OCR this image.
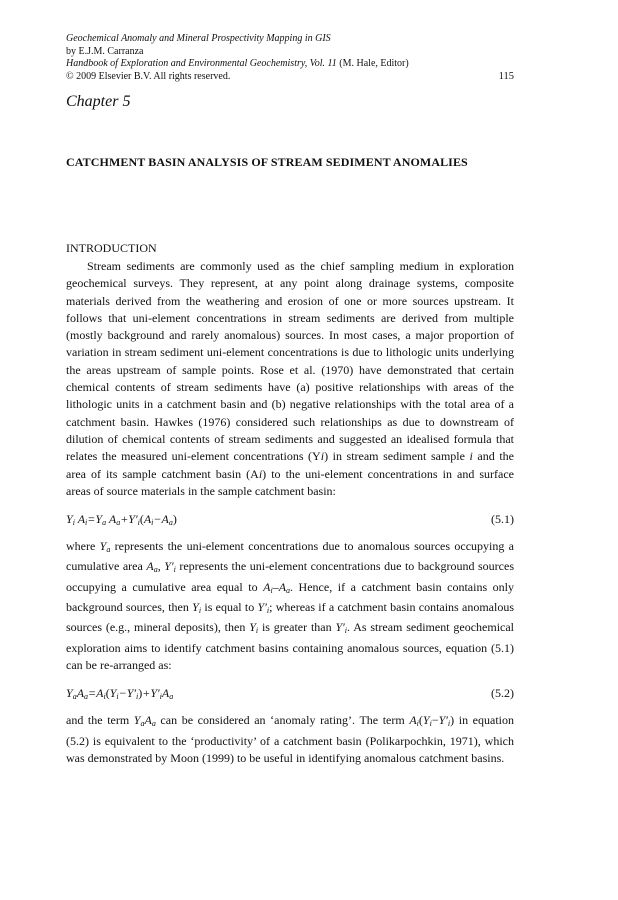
Geochemical Anomaly and Mineral Prospectivity Mapping in GIS
by E.J.M. Carranza
Handbook of Exploration and Environmental Geochemistry, Vol. 11 (M. Hale, Editor)
© 2009 Elsevier B.V. All rights reserved.	115
Chapter 5
CATCHMENT BASIN ANALYSIS OF STREAM SEDIMENT ANOMALIES
INTRODUCTION

Stream sediments are commonly used as the chief sampling medium in exploration geochemical surveys. They represent, at any point along drainage systems, composite materials derived from the weathering and erosion of one or more sources upstream. It follows that uni-element concentrations in stream sediments are derived from multiple (mostly background and rarely anomalous) sources. In most cases, a major proportion of variation in stream sediment uni-element concentrations is due to lithologic units underlying the areas upstream of sample points. Rose et al. (1970) have demonstrated that certain chemical contents of stream sediments have (a) positive relationships with areas of the lithologic units in a catchment basin and (b) negative relationships with the total area of a catchment basin. Hawkes (1976) considered such relationships as due to downstream of dilution of chemical contents of stream sediments and suggested an idealised formula that relates the measured uni-element concentrations (Yi) in stream sediment sample i and the area of its sample catchment basin (Ai) to the uni-element concentrations in and surface areas of source materials in the sample catchment basin:

$Y_i$ $A_i=Y_a$ $A_a+Y'_i(A_i-A_a)$	(5.1)

where $Y_a$ represents the uni-element concentrations due to anomalous sources occupying a cumulative area $A_a$, $Y'_i$ represents the uni-element concentrations due to background sources occupying a cumulative area equal to $A_i-A_a$. Hence, if a catchment basin contains only background sources, then $Y_i$ is equal to $Y'_i$; whereas if a catchment basin contains anomalous sources (e.g., mineral deposits), then $Y_i$ is greater than $Y'_i$. As stream sediment geochemical exploration aims to identify catchment basins containing anomalous sources, equation (5.1) can be re-arranged as:

$Y_aA_a=A_i(Y_i-Y'_i)+Y'_iA_a$	(5.2)

and the term $Y_aA_a$ can be considered an ‘anomaly rating’. The term $A_i(Y_i-Y'_i)$ in equation (5.2) is equivalent to the ‘productivity’ of a catchment basin (Polikarpochkin, 1971), which was demonstrated by Moon (1999) to be useful in identifying anomalous catchment basins.
